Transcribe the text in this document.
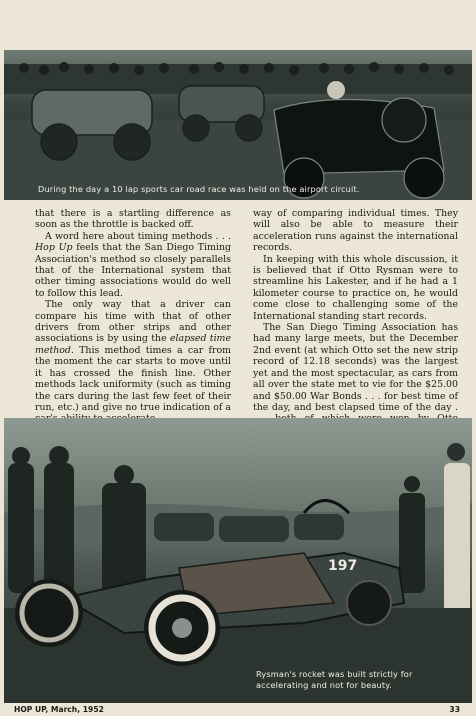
During the day a 10 lap sports car road race was held on the airport circuit.

that there is a startling difference as soon as the throttle is backed off.

A word here about timing methods . . . Hop Up feels that the San Diego Timing Association's method so closely parallels that of the International system that other timing associations would do well to follow this lead.

The only way that a driver can compare his time with that of other drivers from other strips and other associations is by using the elapsed time method. This method times a car from the moment the car starts to move until it has crossed the finish line. Other methods lack uniformity (such as timing the cars during the last few feet of their run, etc.) and give no true indication of a

way of comparing individual times. They will also be able to measure their acceleration runs against the international records.

In keeping with this whole discussion, it is believed that if Otto Rysman were to streamline his Lakester, and if he had a 1 kilometer course to practice on, he would come close to challenging some of the International standing start records.

The San Diego Timing Association has had many large meets, but the December 2nd event (at which Otto set the new strip record of 12.18 seconds) was the largest yet and the most spectacular, as cars from all over the state met to vie for the $25.00 and $50.00 War Bonds . . . for best time of the day, and best clapsed time of the day .

197
Rysman's rocket was built strictly for accelerating and not for beauty.
HOP UP, March, 1952	33
